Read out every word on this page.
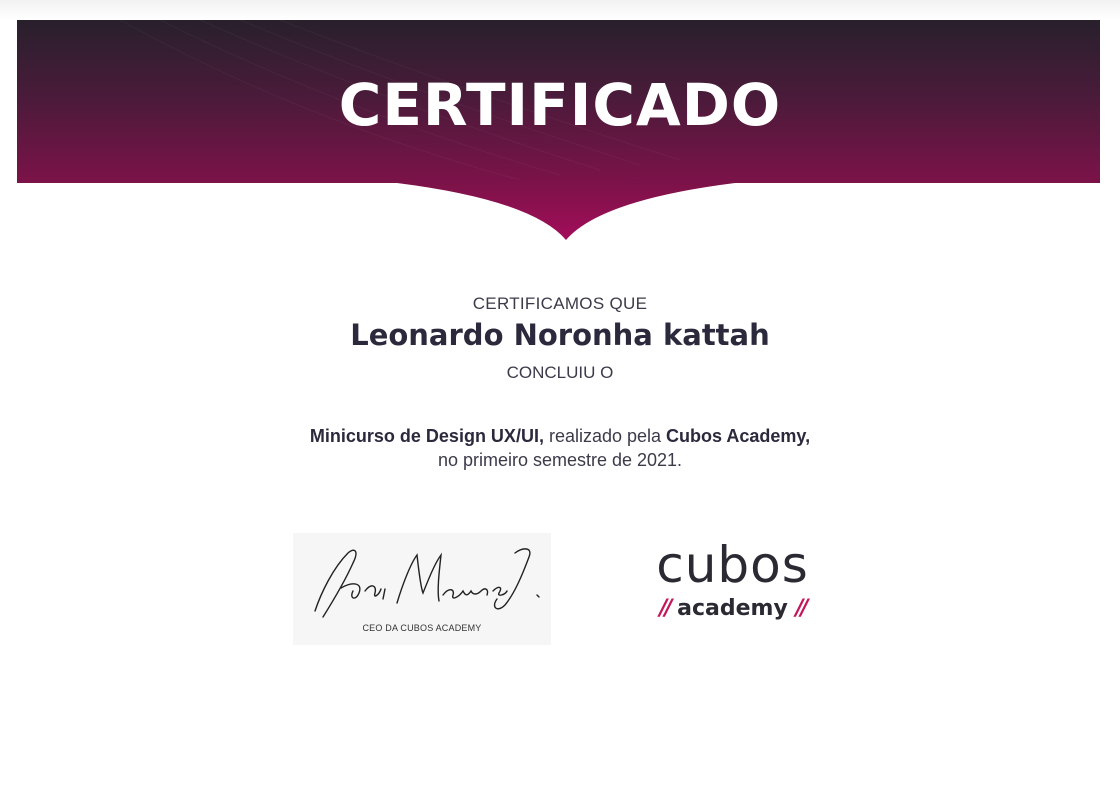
CERTIFICADO
CERTIFICAMOS QUE
Leonardo Noronha kattah
CONCLUIU O
Minicurso de Design UX/UI, realizado pela Cubos Academy,
no primeiro semestre de 2021.
CEO DA CUBOS ACADEMY
cubos
// academy //
